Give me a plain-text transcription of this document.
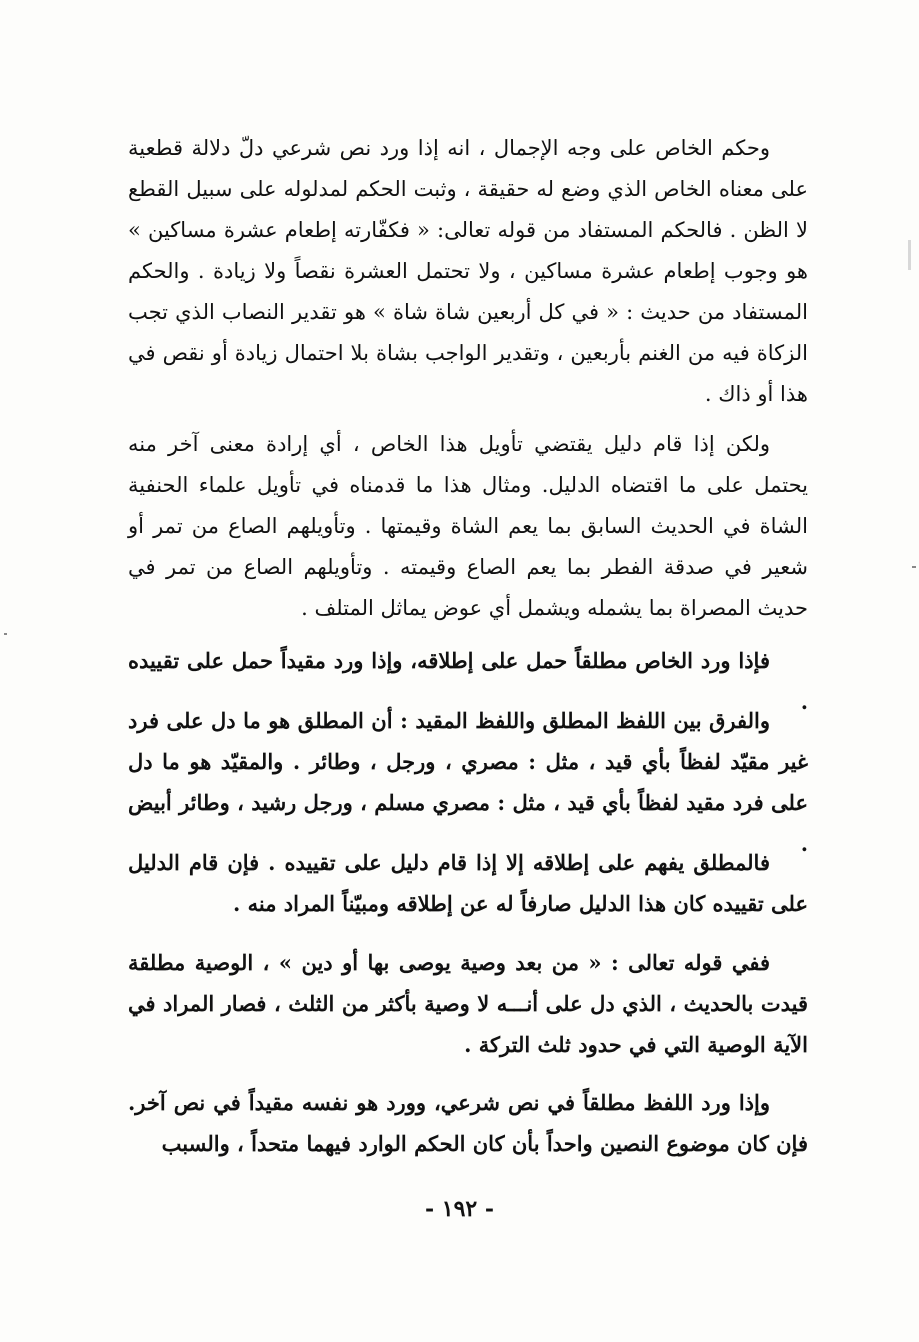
وحكم الخاص على وجه الإجمال ، انه إذا ورد نص شرعي دلّ دلالة قطعية على معناه الخاص الذي وضع له حقيقة ، وثبت الحكم لمدلوله على سبيل القطع لا الظن . فالحكم المستفاد من قوله تعالى: « فكفّارته إطعام عشرة مساكين » هو وجوب إطعام عشرة مساكين ، ولا تحتمل العشرة نقصاً ولا زيادة . والحكم المستفاد من حديث : « في كل أربعين شاة شاة » هو تقدير النصاب الذي تجب الزكاة فيه من الغنم بأربعين ، وتقدير الواجب بشاة بلا احتمال زيادة أو نقص في هذا أو ذاك .

ولكن إذا قام دليل يقتضي تأويل هذا الخاص ، أي إرادة معنى آخر منه يحتمل على ما اقتضاه الدليل. ومثال هذا ما قدمناه في تأويل علماء الحنفية الشاة في الحديث السابق بما يعم الشاة وقيمتها . وتأويلهم الصاع من تمر أو شعير في صدقة الفطر بما يعم الصاع وقيمته . وتأويلهم الصاع من تمر في حديث المصراة بما يشمله ويشمل أي عوض يماثل المتلف .

فإذا ورد الخاص مطلقاً حمل على إطلاقه، وإذا ورد مقيداً حمل على تقييده .

والفرق بين اللفظ المطلق واللفظ المقيد : أن المطلق هو ما دل على فرد غير مقيّد لفظاً بأي قيد ، مثل : مصري ، ورجل ، وطائر . والمقيّد هو ما دل على فرد مقيد لفظاً بأي قيد ، مثل : مصري مسلم ، ورجل رشيد ، وطائر أبيض .

فالمطلق يفهم على إطلاقه إلا إذا قام دليل على تقييده . فإن قام الدليل على تقييده كان هذا الدليل صارفاً له عن إطلاقه ومبيّناً المراد منه .

ففي قوله تعالى : « من بعد وصية يوصى بها أو دين » ، الوصية مطلقة قيدت بالحديث ، الذي دل على أنـــه لا وصية بأكثر من الثلث ، فصار المراد في الآية الوصية التي في حدود ثلث التركة .

وإذا ورد اللفظ مطلقاً في نص شرعي، وورد هو نفسه مقيداً في نص آخر. فإن كان موضوع النصين واحداً بأن كان الحكم الوارد فيهما متحداً ، والسبب

- ١٩٢ -
